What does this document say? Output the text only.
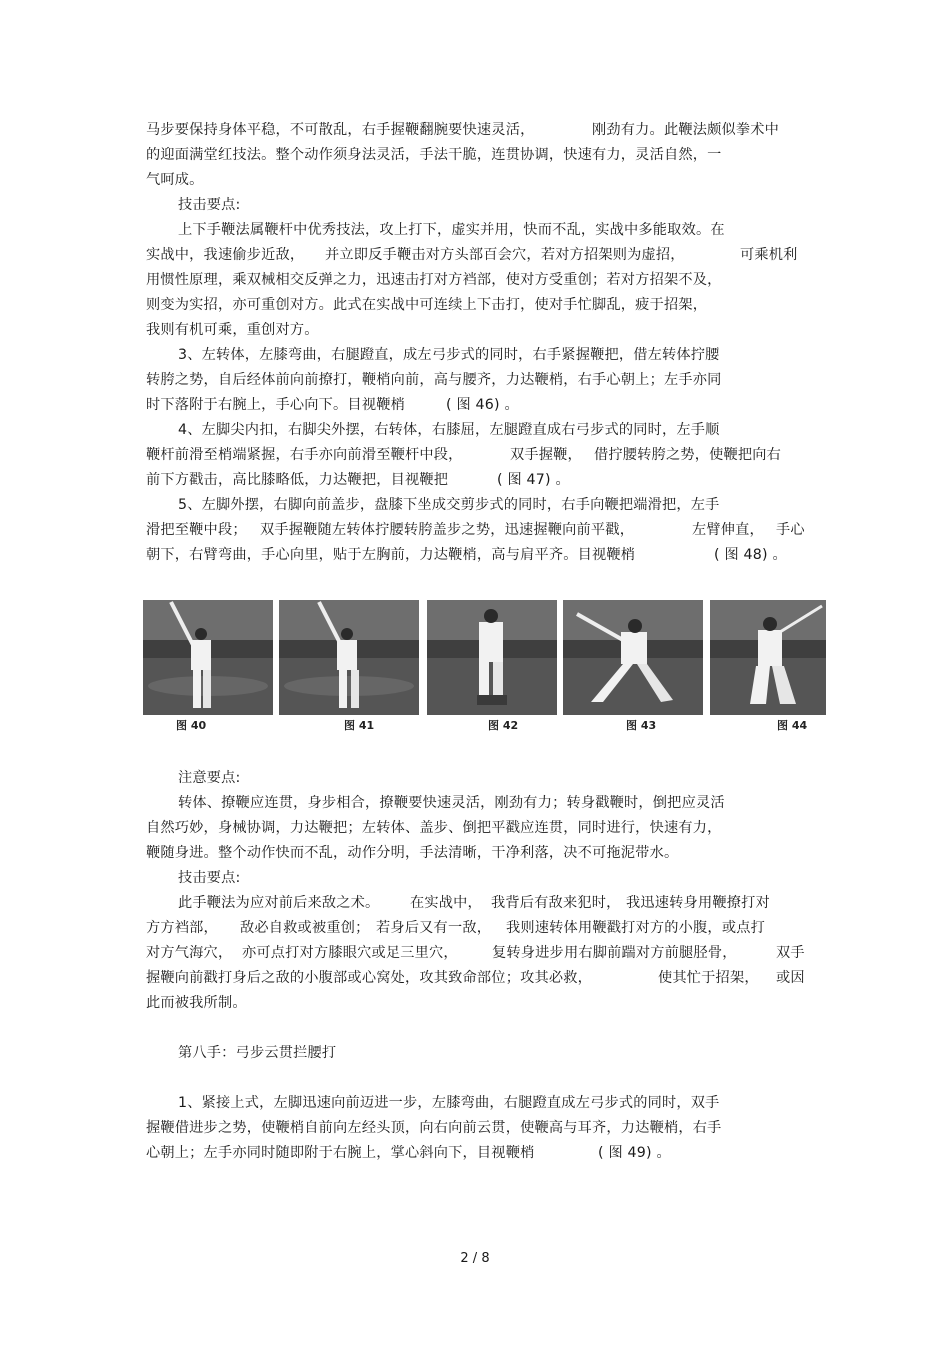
马步要保持身体平稳，不可散乱，右手握鞭翻腕要快速灵活，	刚劲有力。此鞭法颇似拳术中
的迎面满堂红技法。整个动作须身法灵活，手法干脆，连贯协调，快速有力，灵活自然，一
气呵成。
技击要点:
上下手鞭法属鞭杆中优秀技法，攻上打下，虚实并用，快而不乱，实战中多能取效。在
实战中，我速偷步近敌， 并立即反手鞭击对方头部百会穴，若对方招架则为虚招，	可乘机利
用惯性原理，乘双械相交反弹之力，迅速击打对方裆部，使对方受重创；若对方招架不及，
则变为实招，亦可重创对方。此式在实战中可连续上下击打，使对手忙脚乱，疲于招架，
我则有机可乘，重创对方。
3、左转体，左膝弯曲，右腿蹬直，成左弓步式的同时，右手紧握鞭把，借左转体拧腰
转胯之势，自后经体前向前撩打，鞭梢向前，高与腰齐，力达鞭梢，右手心朝上；左手亦同
时下落附于右腕上，手心向下。目视鞭梢	( 图 46) 。
4、左脚尖内扣，右脚尖外摆，右转体，右膝屈，左腿蹬直成右弓步式的同时，左手顺
鞭杆前滑至梢端紧握，右手亦向前滑至鞭杆中段，	双手握鞭， 借拧腰转胯之势，使鞭把向右
前下方戳击，高比膝略低，力达鞭把，目视鞭把	( 图 47) 。
5、左脚外摆，右脚向前盖步，盘膝下坐成交剪步式的同时，右手向鞭把端滑把，左手
滑把至鞭中段； 双手握鞭随左转体拧腰转胯盖步之势，迅速握鞭向前平戳，	左臂伸直， 手心
朝下，右臂弯曲，手心向里，贴于左胸前，力达鞭梢，高与肩平齐。目视鞭梢	( 图 48) 。
图 40	图 41	图 42	图 43	图 44
注意要点:
转体、撩鞭应连贯，身步相合，撩鞭要快速灵活，刚劲有力；转身戳鞭时，倒把应灵活
自然巧妙，身械协调，力达鞭把；左转体、盖步、倒把平戳应连贯，同时进行，快速有力，
鞭随身进。整个动作快而不乱，动作分明，手法清晰，干净利落，决不可拖泥带水。
技击要点:
此手鞭法为应对前后来敌之术。 在实战中， 我背后有敌来犯时， 我迅速转身用鞭撩打对
方方裆部， 敌必自救或被重创； 若身后又有一敌， 我则速转体用鞭戳打对方的小腹，或点打
对方气海穴， 亦可点打对方膝眼穴或足三里穴， 复转身进步用右脚前踹对方前腿胫骨，	双手
握鞭向前戳打身后之敌的小腹部或心窝处，攻其致命部位；攻其必救，	使其忙于招架， 或因
此而被我所制。
第八手：弓步云贯拦腰打
1、紧接上式，左脚迅速向前迈进一步，左膝弯曲，右腿蹬直成左弓步式的同时，双手
握鞭借进步之势，使鞭梢自前向左经头顶，向右向前云贯，使鞭高与耳齐，力达鞭梢，右手
心朝上；左手亦同时随即附于右腕上，掌心斜向下，目视鞭梢	( 图 49) 。
2 / 8
